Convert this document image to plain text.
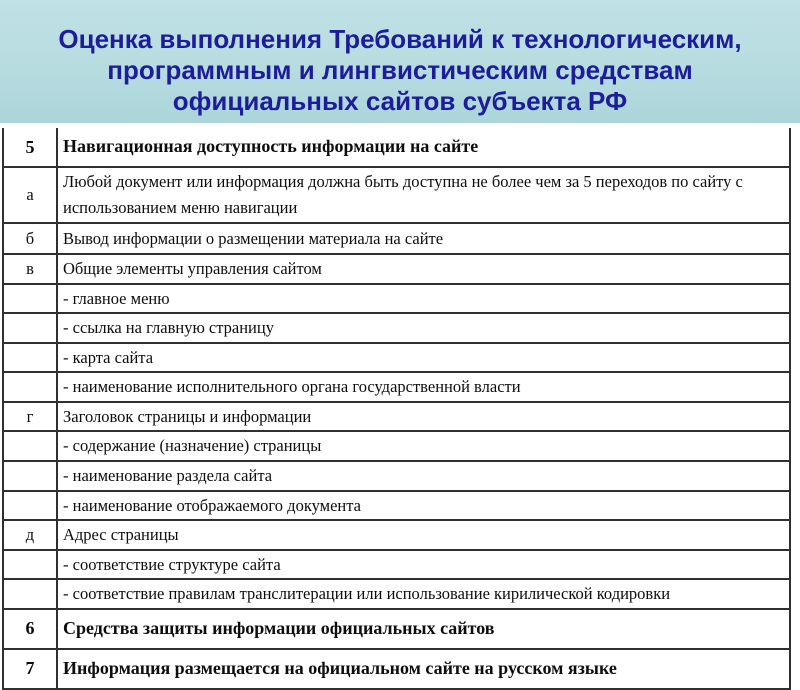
Оценка выполнения Требований к технологическим,
программным и лингвистическим средствам
официальных сайтов субъекта РФ
5	Навигационная доступность информации на сайте
а	Любой документ или информация должна быть доступна не более чем за 5 переходов по сайту с использованием меню навигации
б	Вывод информации о размещении материала на сайте
в	Общие элементы управления сайтом
	- главное меню
	- ссылка на главную страницу
	- карта сайта
	- наименование исполнительного органа государственной власти
г	Заголовок страницы и информации
	- содержание (назначение) страницы
	- наименование раздела сайта
	- наименование отображаемого документа
д	Адрес страницы
	- соответствие структуре сайта
	- соответствие правилам транслитерации или использование кирилической кодировки
6	Средства защиты информации официальных сайтов
7	Информация размещается на официальном сайте на русском языке
